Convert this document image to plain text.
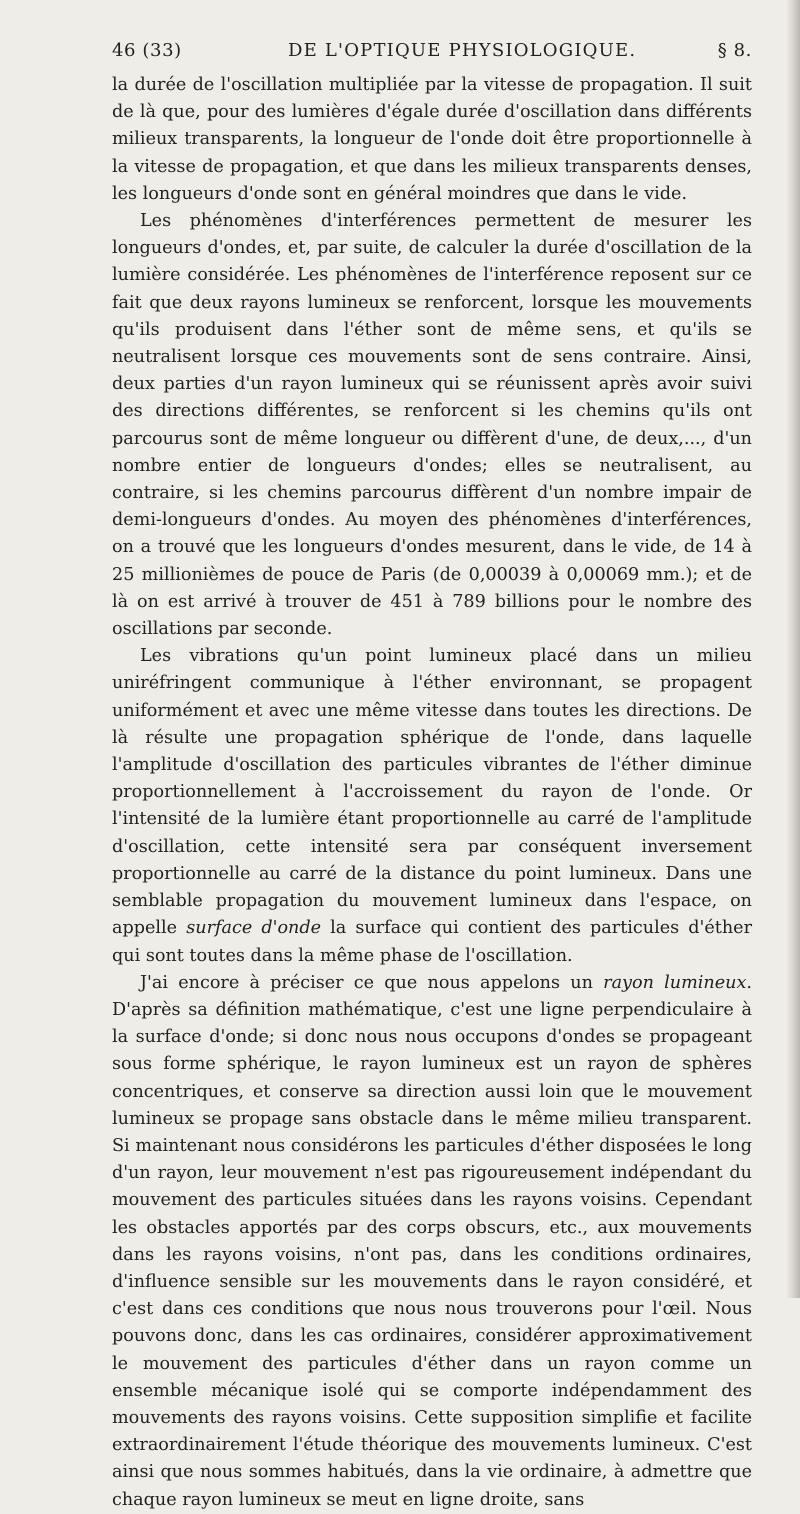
46 (33)	DE L'OPTIQUE PHYSIOLOGIQUE.	§ 8.

la durée de l'oscillation multipliée par la vitesse de propagation. Il suit de là que, pour des lumières d'égale durée d'oscillation dans différents milieux transparents, la longueur de l'onde doit être proportionnelle à la vitesse de propagation, et que dans les milieux transparents denses, les longueurs d'onde sont en général moindres que dans le vide.

Les phénomènes d'interférences permettent de mesurer les longueurs d'ondes, et, par suite, de calculer la durée d'oscillation de la lumière considérée. Les phénomènes de l'interférence reposent sur ce fait que deux rayons lumineux se renforcent, lorsque les mouvements qu'ils produisent dans l'éther sont de même sens, et qu'ils se neutralisent lorsque ces mouvements sont de sens contraire. Ainsi, deux parties d'un rayon lumineux qui se réunissent après avoir suivi des directions différentes, se renforcent si les chemins qu'ils ont parcourus sont de même longueur ou diffèrent d'une, de deux,..., d'un nombre entier de longueurs d'ondes; elles se neutralisent, au contraire, si les chemins parcourus diffèrent d'un nombre impair de demi-longueurs d'ondes. Au moyen des phénomènes d'interférences, on a trouvé que les longueurs d'ondes mesurent, dans le vide, de 14 à 25 millionièmes de pouce de Paris (de 0,00039 à 0,00069 mm.); et de là on est arrivé à trouver de 451 à 789 billions pour le nombre des oscillations par seconde.

Les vibrations qu'un point lumineux placé dans un milieu uniréfringent communique à l'éther environnant, se propagent uniformément et avec une même vitesse dans toutes les directions. De là résulte une propagation sphérique de l'onde, dans laquelle l'amplitude d'oscillation des particules vibrantes de l'éther diminue proportionnellement à l'accroissement du rayon de l'onde. Or l'intensité de la lumière étant proportionnelle au carré de l'amplitude d'oscillation, cette intensité sera par conséquent inversement proportionnelle au carré de la distance du point lumineux. Dans une semblable propagation du mouvement lumineux dans l'espace, on appelle surface d'onde la surface qui contient des particules d'éther qui sont toutes dans la même phase de l'oscillation.

J'ai encore à préciser ce que nous appelons un rayon lumineux. D'après sa définition mathématique, c'est une ligne perpendiculaire à la surface d'onde; si donc nous nous occupons d'ondes se propageant sous forme sphérique, le rayon lumineux est un rayon de sphères concentriques, et conserve sa direction aussi loin que le mouvement lumineux se propage sans obstacle dans le même milieu transparent. Si maintenant nous considérons les particules d'éther disposées le long d'un rayon, leur mouvement n'est pas rigoureusement indépendant du mouvement des particules situées dans les rayons voisins. Cependant les obstacles apportés par des corps obscurs, etc., aux mouvements dans les rayons voisins, n'ont pas, dans les conditions ordinaires, d'influence sensible sur les mouvements dans le rayon considéré, et c'est dans ces conditions que nous nous trouverons pour l'œil. Nous pouvons donc, dans les cas ordinaires, considérer approximativement le mouvement des particules d'éther dans un rayon comme un ensemble mécanique isolé qui se comporte indépendamment des mouvements des rayons voisins. Cette supposition simplifie et facilite extraordinairement l'étude théorique des mouvements lumineux. C'est ainsi que nous sommes habitués, dans la vie ordinaire, à admettre que chaque rayon lumineux se meut en ligne droite, sans
